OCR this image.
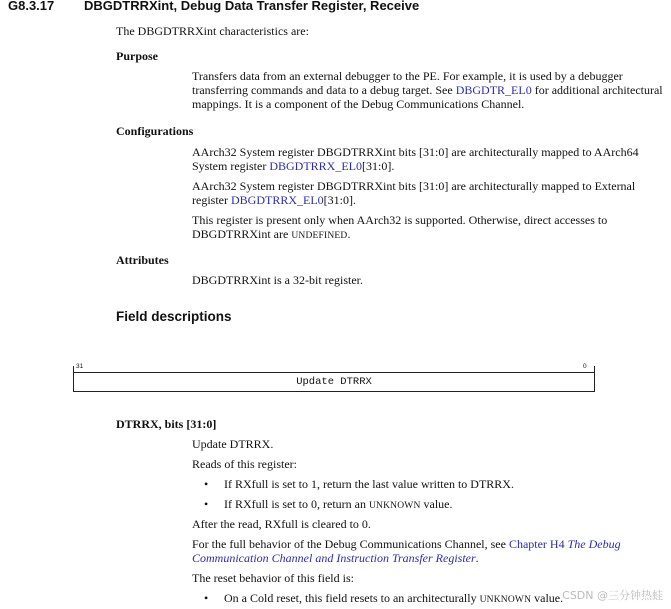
G8.3.17 DBGDTRRXint, Debug Data Transfer Register, Receive
The DBGDTRRXint characteristics are:
Purpose
Transfers data from an external debugger to the PE. For example, it is used by a debugger
transferring commands and data to a debug target. See DBGDTR_EL0 for additional architectural
mappings. It is a component of the Debug Communications Channel.
Configurations
AArch32 System register DBGDTRRXint bits [31:0] are architecturally mapped to AArch64
System register DBGDTRRX_EL0[31:0].
AArch32 System register DBGDTRRXint bits [31:0] are architecturally mapped to External
register DBGDTRRX_EL0[31:0].
This register is present only when AArch32 is supported. Otherwise, direct accesses to
DBGDTRRXint are UNDEFINED.
Attributes
DBGDTRRXint is a 32-bit register.
Field descriptions
31	0
Update DTRRX
DTRRX, bits [31:0]
Update DTRRX.
Reads of this register:
• If RXfull is set to 1, return the last value written to DTRRX.
• If RXfull is set to 0, return an UNKNOWN value.
After the read, RXfull is cleared to 0.
For the full behavior of the Debug Communications Channel, see Chapter H4 The Debug
Communication Channel and Instruction Transfer Register.
The reset behavior of this field is:
• On a Cold reset, this field resets to an architecturally UNKNOWN value. CSDN @三分钟热蛙
